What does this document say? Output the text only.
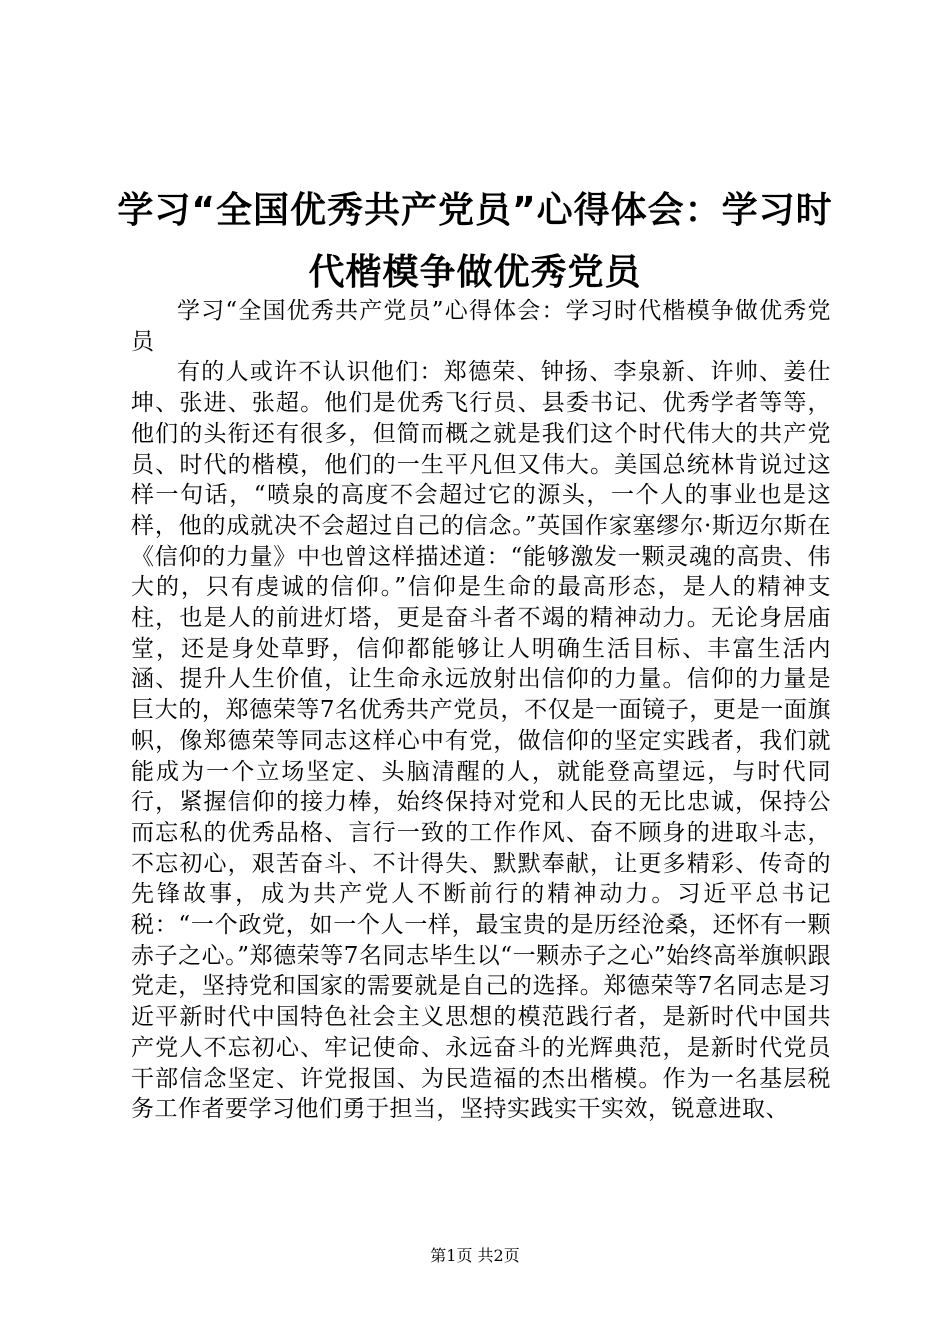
学习“全国优秀共产党员”心得体会：学习时
代楷模争做优秀党员

学习“全国优秀共产党员”心得体会：学习时代楷模争做优秀党员

有的人或许不认识他们：郑德荣、钟扬、李泉新、许帅、姜仕坤、张进、张超。他们是优秀飞行员、县委书记、优秀学者等等，他们的头衔还有很多，但简而概之就是我们这个时代伟大的共产党员、时代的楷模，他们的一生平凡但又伟大。美国总统林肯说过这样一句话，“喷泉的高度不会超过它的源头，一个人的事业也是这样，他的成就决不会超过自己的信念。”英国作家塞缪尔·斯迈尔斯在《信仰的力量》中也曾这样描述道：“能够激发一颗灵魂的高贵、伟大的，只有虔诚的信仰。”信仰是生命的最高形态，是人的精神支柱，也是人的前进灯塔，更是奋斗者不竭的精神动力。无论身居庙堂，还是身处草野，信仰都能够让人明确生活目标、丰富生活内涵、提升人生价值，让生命永远放射出信仰的力量。信仰的力量是巨大的，郑德荣等7名优秀共产党员，不仅是一面镜子，更是一面旗帜，像郑德荣等同志这样心中有党，做信仰的坚定实践者，我们就能成为一个立场坚定、头脑清醒的人，就能登高望远，与时代同行，紧握信仰的接力棒，始终保持对党和人民的无比忠诚，保持公而忘私的优秀品格、言行一致的工作作风、奋不顾身的进取斗志，不忘初心，艰苦奋斗、不计得失、默默奉献，让更多精彩、传奇的先锋故事，成为共产党人不断前行的精神动力。习近平总书记税：“一个政党，如一个人一样，最宝贵的是历经沧桑，还怀有一颗赤子之心。”郑德荣等7名同志毕生以“一颗赤子之心”始终高举旗帜跟党走，坚持党和国家的需要就是自己的选择。郑德荣等7名同志是习近平新时代中国特色社会主义思想的模范践行者，是新时代中国共产党人不忘初心、牢记使命、永远奋斗的光辉典范，是新时代党员干部信念坚定、许党报国、为民造福的杰出楷模。作为一名基层税务工作者要学习他们勇于担当，坚持实践实干实效，锐意进取、

第1页 共2页
